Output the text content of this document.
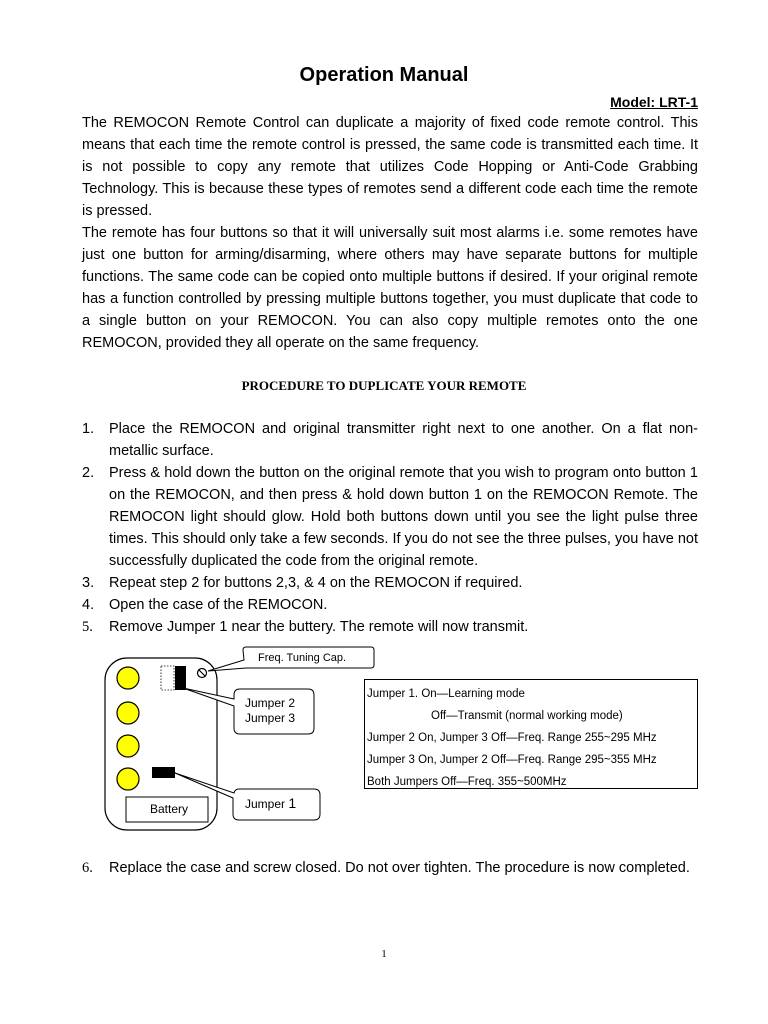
Operation Manual
Model: LRT-1

The REMOCON Remote Control can duplicate a majority of fixed code remote control. This means that each time the remote control is pressed, the same code is transmitted each time. It is not possible to copy any remote that utilizes Code Hopping or Anti-Code Grabbing Technology. This is because these types of remotes send a different code each time the remote is pressed.

The remote has four buttons so that it will universally suit most alarms i.e. some remotes have just one button for arming/disarming, where others may have separate buttons for multiple functions. The same code can be copied onto multiple buttons if desired. If your original remote has a function controlled by pressing multiple buttons together, you must duplicate that code to a single button on your REMOCON. You can also copy multiple remotes onto the one REMOCON, provided they all operate on the same frequency.

PROCEDURE TO DUPLICATE YOUR REMOTE
1. Place the REMOCON and original transmitter right next to one another. On a flat non-metallic surface.
2. Press & hold down the button on the original remote that you wish to program onto button 1 on the REMOCON, and then press & hold down button 1 on the REMOCON Remote. The REMOCON light should glow. Hold both buttons down until you see the light pulse three times. This should only take a few seconds. If you do not see the three pulses, you have not successfully duplicated the code from the original remote.
3. Repeat step 2 for buttons 2,3, & 4 on the REMOCON if required.
4. Open the case of the REMOCON.
5. Remove Jumper 1 near the buttery. The remote will now transmit.
Freq. Tuning Cap.
Jumper 2
Jumper 3
Battery	Jumper 1
Jumper 1. On—Learning mode
Off—Transmit (normal working mode)
Jumper 2 On, Jumper 3 Off—Freq. Range 255~295 MHz
Jumper 3 On, Jumper 2 Off—Freq. Range 295~355 MHz
Both Jumpers Off—Freq. 355~500MHz
6. Replace the case and screw closed. Do not over tighten. The procedure is now completed.
1
